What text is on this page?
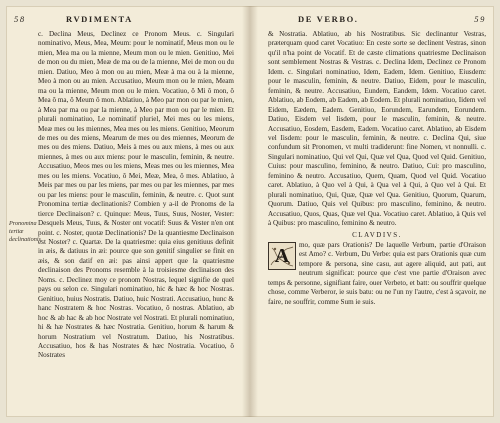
58	RVDIMENTA
Pronomina tertiæ declinationis.

c. Declina Meus, Declinez ce Pronom Meus. c. Singulari nominativo, Meus, Mea, Meum: pour le nominatif, Meus mon ou le mien, Mea ma ou la mienne, Meum mon ou le mien. Genitiuo, Mei de mon ou du mien, Meæ de ma ou de la mienne, Mei de mon ou du mien. Datiuo, Meo à mon ou au mien, Meæ à ma ou à la mienne, Meo à mon ou au mien. Accusatiuo, Meum mon ou le mien, Meam ma ou la mienne, Meum mon ou le mien. Vocatiuo, ô Mi ô mon, ô Mea ô ma, ô Meum ô mon. Ablatiuo, à Meo par mon ou par le mien, à Mea par ma ou par la mienne, à Meo par mon ou par le mien. Et plurali nominatiuo, Le nominatif pluriel, Mei mes ou les miens, Meæ mes ou les miennes, Mea mes ou les miens. Genitiuo, Meorum de mes ou des miens, Mearum de mes ou des miennes, Meorum de mes ou des miens. Datiuo, Meis à mes ou aux miens, à mes ou aux miennes, à mes ou aux miens: pour le masculin, feminin, & neutre. Accusatiuo, Meos mes ou les miens, Meas mes ou les miennes, Mea mes ou les miens. Vocatiuo, ô Mei, Meæ, Mea, ô mes. Ablatiuo, à Meis par mes ou par les miens, par mes ou par les miennes, par mes ou par les miens: pour le masculin, feminin, & neutre. c. Quot sunt Pronomina tertiæ declinationis? Combien y a-il de Pronoms de la tierce Declinaison? c. Quinque: Meus, Tuus, Suus, Noster, Vester: Desquels Meus, Tuus, & Noster ont vocatif: Suus & Vester n'en ont point. c. Noster, quotæ Declinationis? De la quantiesme Declinaison est Noster? c. Quartæ. De la quatriesme: quia eius genitiuus definit in æis, & datiuus in æi: pource que son genitif singulier se finit en æis, & son datif en æi: pas ainsi appert que la quatriesme declinaison des Pronoms resemble à la troisiesme declinaison des Noms. c. Declinez moy ce pronom Nostras, lequel signifie de quel pays ou selon ce. Singulari nominatiuo, hic & hæc & hoc Nostras. Genitiuo, huius Nostratis. Datiuo, huic Nostrati. Accusatiuo, hunc & hanc Nostratem & hoc Nostras. Vocatiuo, ô nostras. Ablatiuo, ab hoc & ab hac & ab hoc Nostrate vel Nostrati. Et plurali nominatiuo, hi & hæ Nostrates & hæc Nostratia. Genitiuo, horum & harum & horum Nostratium vel Nostratum. Datiuo, his Nostratibus. Accusatiuo, hos & has Nostrates & hæc Nostratia. Vocatiuo, ô Nostrates

DE VERBO.	59

& Nostratia. Ablatiuo, ab his Nostratibus. Sic declinantur Vestras, præterquam quod caret Vocatiuo: En ceste sorte se declinent Vestras, sinon qu'il n'ha point de Vocatif. Et de cæste climations quatriesme Declinaison sont semblement Nostras & Vestras. c. Declina Idem, Declinez ce Pronom Idem. c. Singulari nominatiuo, Idem, Eadem, Idem. Genitiuo, Eiusdem: pour le masculin, feminin, & neutre. Datiuo, Eidem, pour le masculin, feminin, & neutre. Accusatiuo, Eundem, Eandem, Idem. Vocatiuo caret. Ablatiuo, ab Eodem, ab Eadem, ab Eodem. Et plurali nominatiuo, Iidem vel Eidem, Eædem, Eadem. Genitiuo, Eorundem, Earundem, Eorundem. Datiuo, Eisdem vel Iisdem, pour le masculin, feminin, & neutre. Accusatiuo, Eosdem, Easdem, Eadem. Vocatiuo caret. Ablatiuo, ab Eisdem vel Iisdem: pour le masculin, feminin, & neutre. c. Declina Qui, siue confundum sit Pronomen, vt multi tradiderunt: fine Nomen, vt nonnulli. c. Singulari nominatiuo, Qui vel Qui, Quæ vel Qua, Quod vel Quid. Genitiuo, Cuius: pour masculino, feminino, & neutro. Datiuo, Cui: pro masculino, feminino & neutro. Accusatiuo, Quem, Quam, Quod vel Quid. Vocatiuo caret. Ablatiuo, à Quo vel à Qui, à Qua vel à Qui, à Quo vel à Qui. Et plurali nominatiuo, Qui, Quæ, Quæ vel Qua. Genitiuo, Quorum, Quarum, Quorum. Datiuo, Quis vel Quibus: pro masculino, feminino, & neutro. Accusatiuo, Quos, Quas, Quæ vel Qua. Vocatiuo caret. Ablatiuo, à Quis vel à Quibus: pro masculino, feminino & neutro.

CLAVDIVS.
A	mo, quæ pars Orationis? De laquelle Verbum, partie d'Oraison est Amo? c. Verbum, Du Verbe: quia est pars Orationis quæ cum tempore & persona, sine casu, aut agere aliquid, aut pati, aut neutrum significat: pource que c'est vne partie d'Oraison avec temps & personne, signifiant faire, ouer Verbeto, et batt: ou souffrir quelque chose, comme Verberor, ie suis batu: ou ne l'un ny l'autre, c'est à sçavoir, ne faire, ne souffrir, comme Sum ie suis.
